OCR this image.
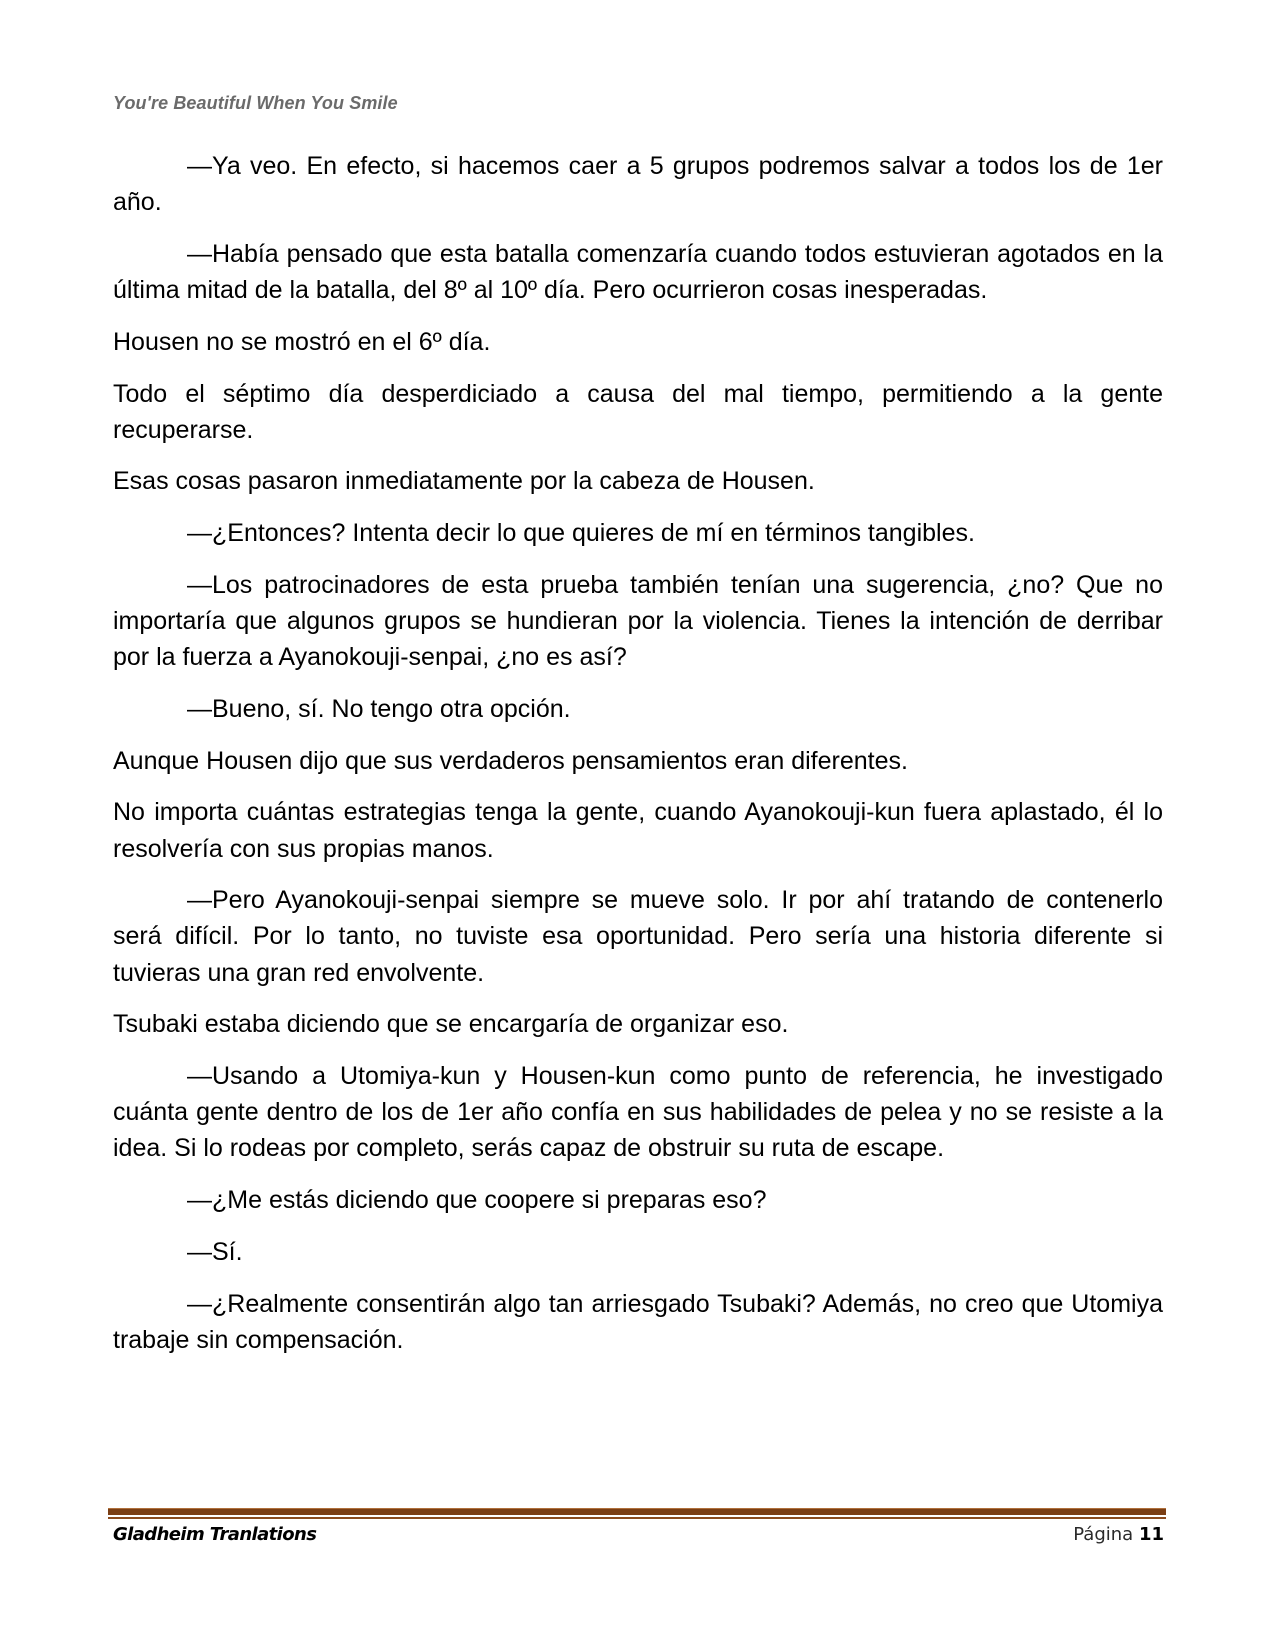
You're Beautiful When You Smile

—Ya veo. En efecto, si hacemos caer a 5 grupos podremos salvar a todos los de 1er año.

—Había pensado que esta batalla comenzaría cuando todos estuvieran agotados en la última mitad de la batalla, del 8º al 10º día. Pero ocurrieron cosas inesperadas.

Housen no se mostró en el 6º día.

Todo el séptimo día desperdiciado a causa del mal tiempo, permitiendo a la gente recuperarse.

Esas cosas pasaron inmediatamente por la cabeza de Housen.

—¿Entonces? Intenta decir lo que quieres de mí en términos tangibles.

—Los patrocinadores de esta prueba también tenían una sugerencia, ¿no? Que no importaría que algunos grupos se hundieran por la violencia. Tienes la intención de derribar por la fuerza a Ayanokouji-senpai, ¿no es así?

—Bueno, sí. No tengo otra opción.

Aunque Housen dijo que sus verdaderos pensamientos eran diferentes.

No importa cuántas estrategias tenga la gente, cuando Ayanokouji-kun fuera aplastado, él lo resolvería con sus propias manos.

—Pero Ayanokouji-senpai siempre se mueve solo. Ir por ahí tratando de contenerlo será difícil. Por lo tanto, no tuviste esa oportunidad. Pero sería una historia diferente si tuvieras una gran red envolvente.

Tsubaki estaba diciendo que se encargaría de organizar eso.

—Usando a Utomiya-kun y Housen-kun como punto de referencia, he investigado cuánta gente dentro de los de 1er año confía en sus habilidades de pelea y no se resiste a la idea. Si lo rodeas por completo, serás capaz de obstruir su ruta de escape.

—¿Me estás diciendo que coopere si preparas eso?

—Sí.

—¿Realmente consentirán algo tan arriesgado Tsubaki? Además, no creo que Utomiya trabaje sin compensación.

Gladheim Tranlations	Página 11
